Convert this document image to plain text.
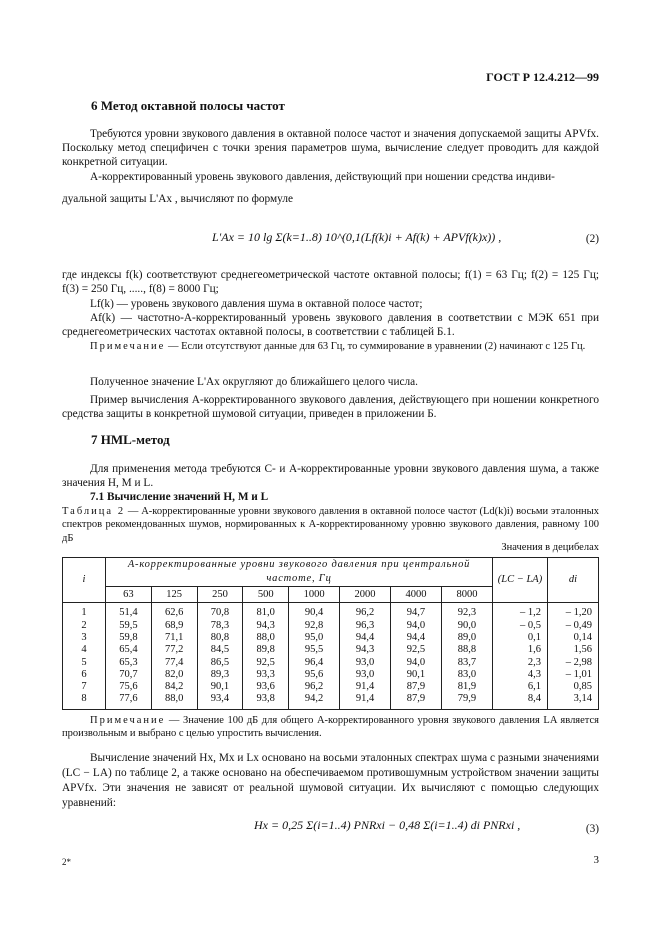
ГОСТ Р 12.4.212—99
6 Метод октавной полосы частот
Требуются уровни звукового давления в октавной полосе частот и значения допускаемой защиты APVfx. Поскольку метод специфичен с точки зрения параметров шума, вычисление следует проводить для каждой конкретной ситуации.
A-корректированный уровень звукового давления, действующий при ношении средства индиви-
дуальной защиты L'Ax , вычисляют по формуле
L'Ax = 10 lg Σ(k=1..8) 10^(0,1(Lf(k)i + Af(k) + APVf(k)x)) ,	(2)
где индексы f(k) соответствуют среднегеометрической частоте октавной полосы; f(1) = 63 Гц; f(2) = 125 Гц; f(3) = 250 Гц, ....., f(8) = 8000 Гц;
Lf(k) — уровень звукового давления шума в октавной полосе частот;
Af(k) — частотно-A-корректированный уровень звукового давления в соответствии с МЭК 651 при среднегеометрических частотах октавной полосы, в соответствии с таблицей Б.1.
Примечание — Если отсутствуют данные для 63 Гц, то суммирование в уравнении (2) начинают с 125 Гц.
Полученное значение L'Ax округляют до ближайшего целого числа.
Пример вычисления A-корректированного звукового давления, действующего при ношении конкретного средства защиты в конкретной шумовой ситуации, приведен в приложении Б.
7 HML-метод
Для применения метода требуются C- и A-корректированные уровни звукового давления шума, а также значения H, M и L.
7.1 Вычисление значений H, M и L
Таблица 2 — A-корректированные уровни звукового давления в октавной полосе частот (Ld(k)i) восьми эталонных спектров рекомендованных шумов, нормированных к A-корректированному уровню звукового давления, равному 100 дБ
Значения в децибелах
i	A-корректированные уровни звукового давления при центральной частоте, Гц								(LC − LA)	di
	63	125	250	500	1000	2000	4000	8000		
1	51,4	62,6	70,8	81,0	90,4	96,2	94,7	92,3	– 1,2	– 1,20
2	59,5	68,9	78,3	94,3	92,8	96,3	94,0	90,0	– 0,5	– 0,49
3	59,8	71,1	80,8	88,0	95,0	94,4	94,4	89,0	0,1	0,14
4	65,4	77,2	84,5	89,8	95,5	94,3	92,5	88,8	1,6	1,56
5	65,3	77,4	86,5	92,5	96,4	93,0	94,0	83,7	2,3	– 2,98
6	70,7	82,0	89,3	93,3	95,6	93,0	90,1	83,0	4,3	– 1,01
7	75,6	84,2	90,1	93,6	96,2	91,4	87,9	81,9	6,1	0,85
8	77,6	88,0	93,4	93,8	94,2	91,4	87,9	79,9	8,4	3,14
Примечание — Значение 100 дБ для общего A-корректированного уровня звукового давления LA является произвольным и выбрано с целью упростить вычисления.
Вычисление значений Hx, Mx и Lx основано на восьми эталонных спектрах шума с разными значениями (LC − LA) по таблице 2, а также основано на обеспечиваемом противошумным устройством значении защиты APVfx. Эти значения не зависят от реальной шумовой ситуации. Их вычисляют с помощью следующих уравнений:
Hx = 0,25 Σ(i=1..4) PNRxi − 0,48 Σ(i=1..4) di PNRxi ,	(3)
2*	3
